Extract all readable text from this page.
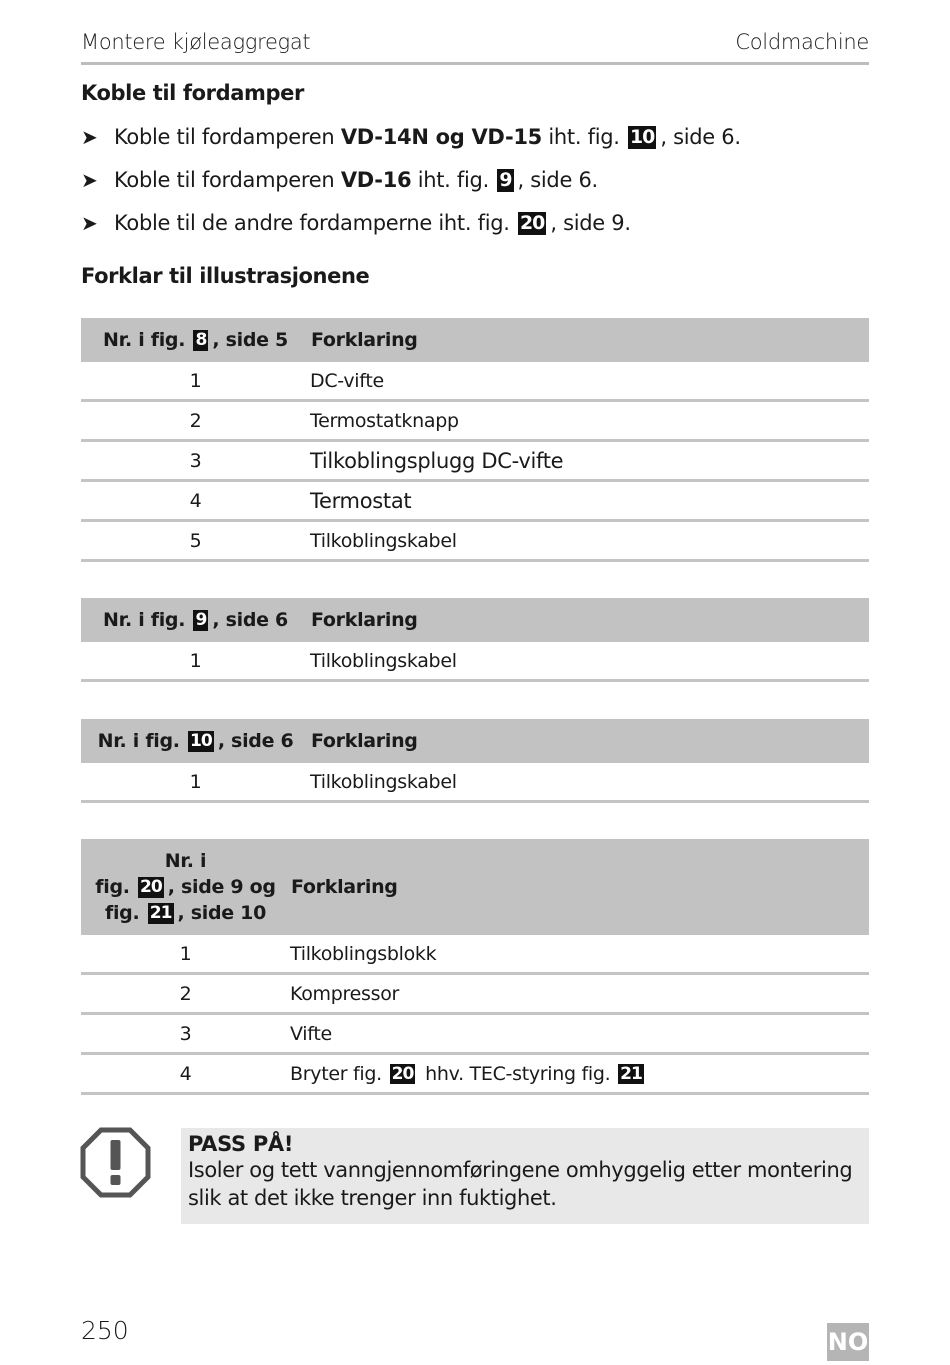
Montere kjøleaggregat	Coldmachine
Koble til fordamper
➤ Koble til fordamperen VD-14N og VD-15 iht. fig. 10 , side 6.
➤ Koble til fordamperen VD-16 iht. fig. 9 , side 6.
➤ Koble til de andre fordamperne iht. fig. 20 , side 9.
Forklar til illustrasjonene
Nr. i fig. 8 , side 5	Forklaring
1	DC-vifte
2	Termostatknapp
3	Tilkoblingsplugg DC-vifte
4	Termostat
5	Tilkoblingskabel
Nr. i fig. 9 , side 6	Forklaring
1	Tilkoblingskabel
Nr. i fig. 10 , side 6	Forklaring
1	Tilkoblingskabel
Nr. i
fig. 20 , side 9 og
fig. 21 , side 10	Forklaring
1	Tilkoblingsblokk
2	Kompressor
3	Vifte
4	Bryter fig. 20 hhv. TEC-styring fig. 21
PASS PÅ!
Isoler og tett vanngjennomføringene omhyggelig etter montering slik at det ikke trenger inn fuktighet.
250	NO
